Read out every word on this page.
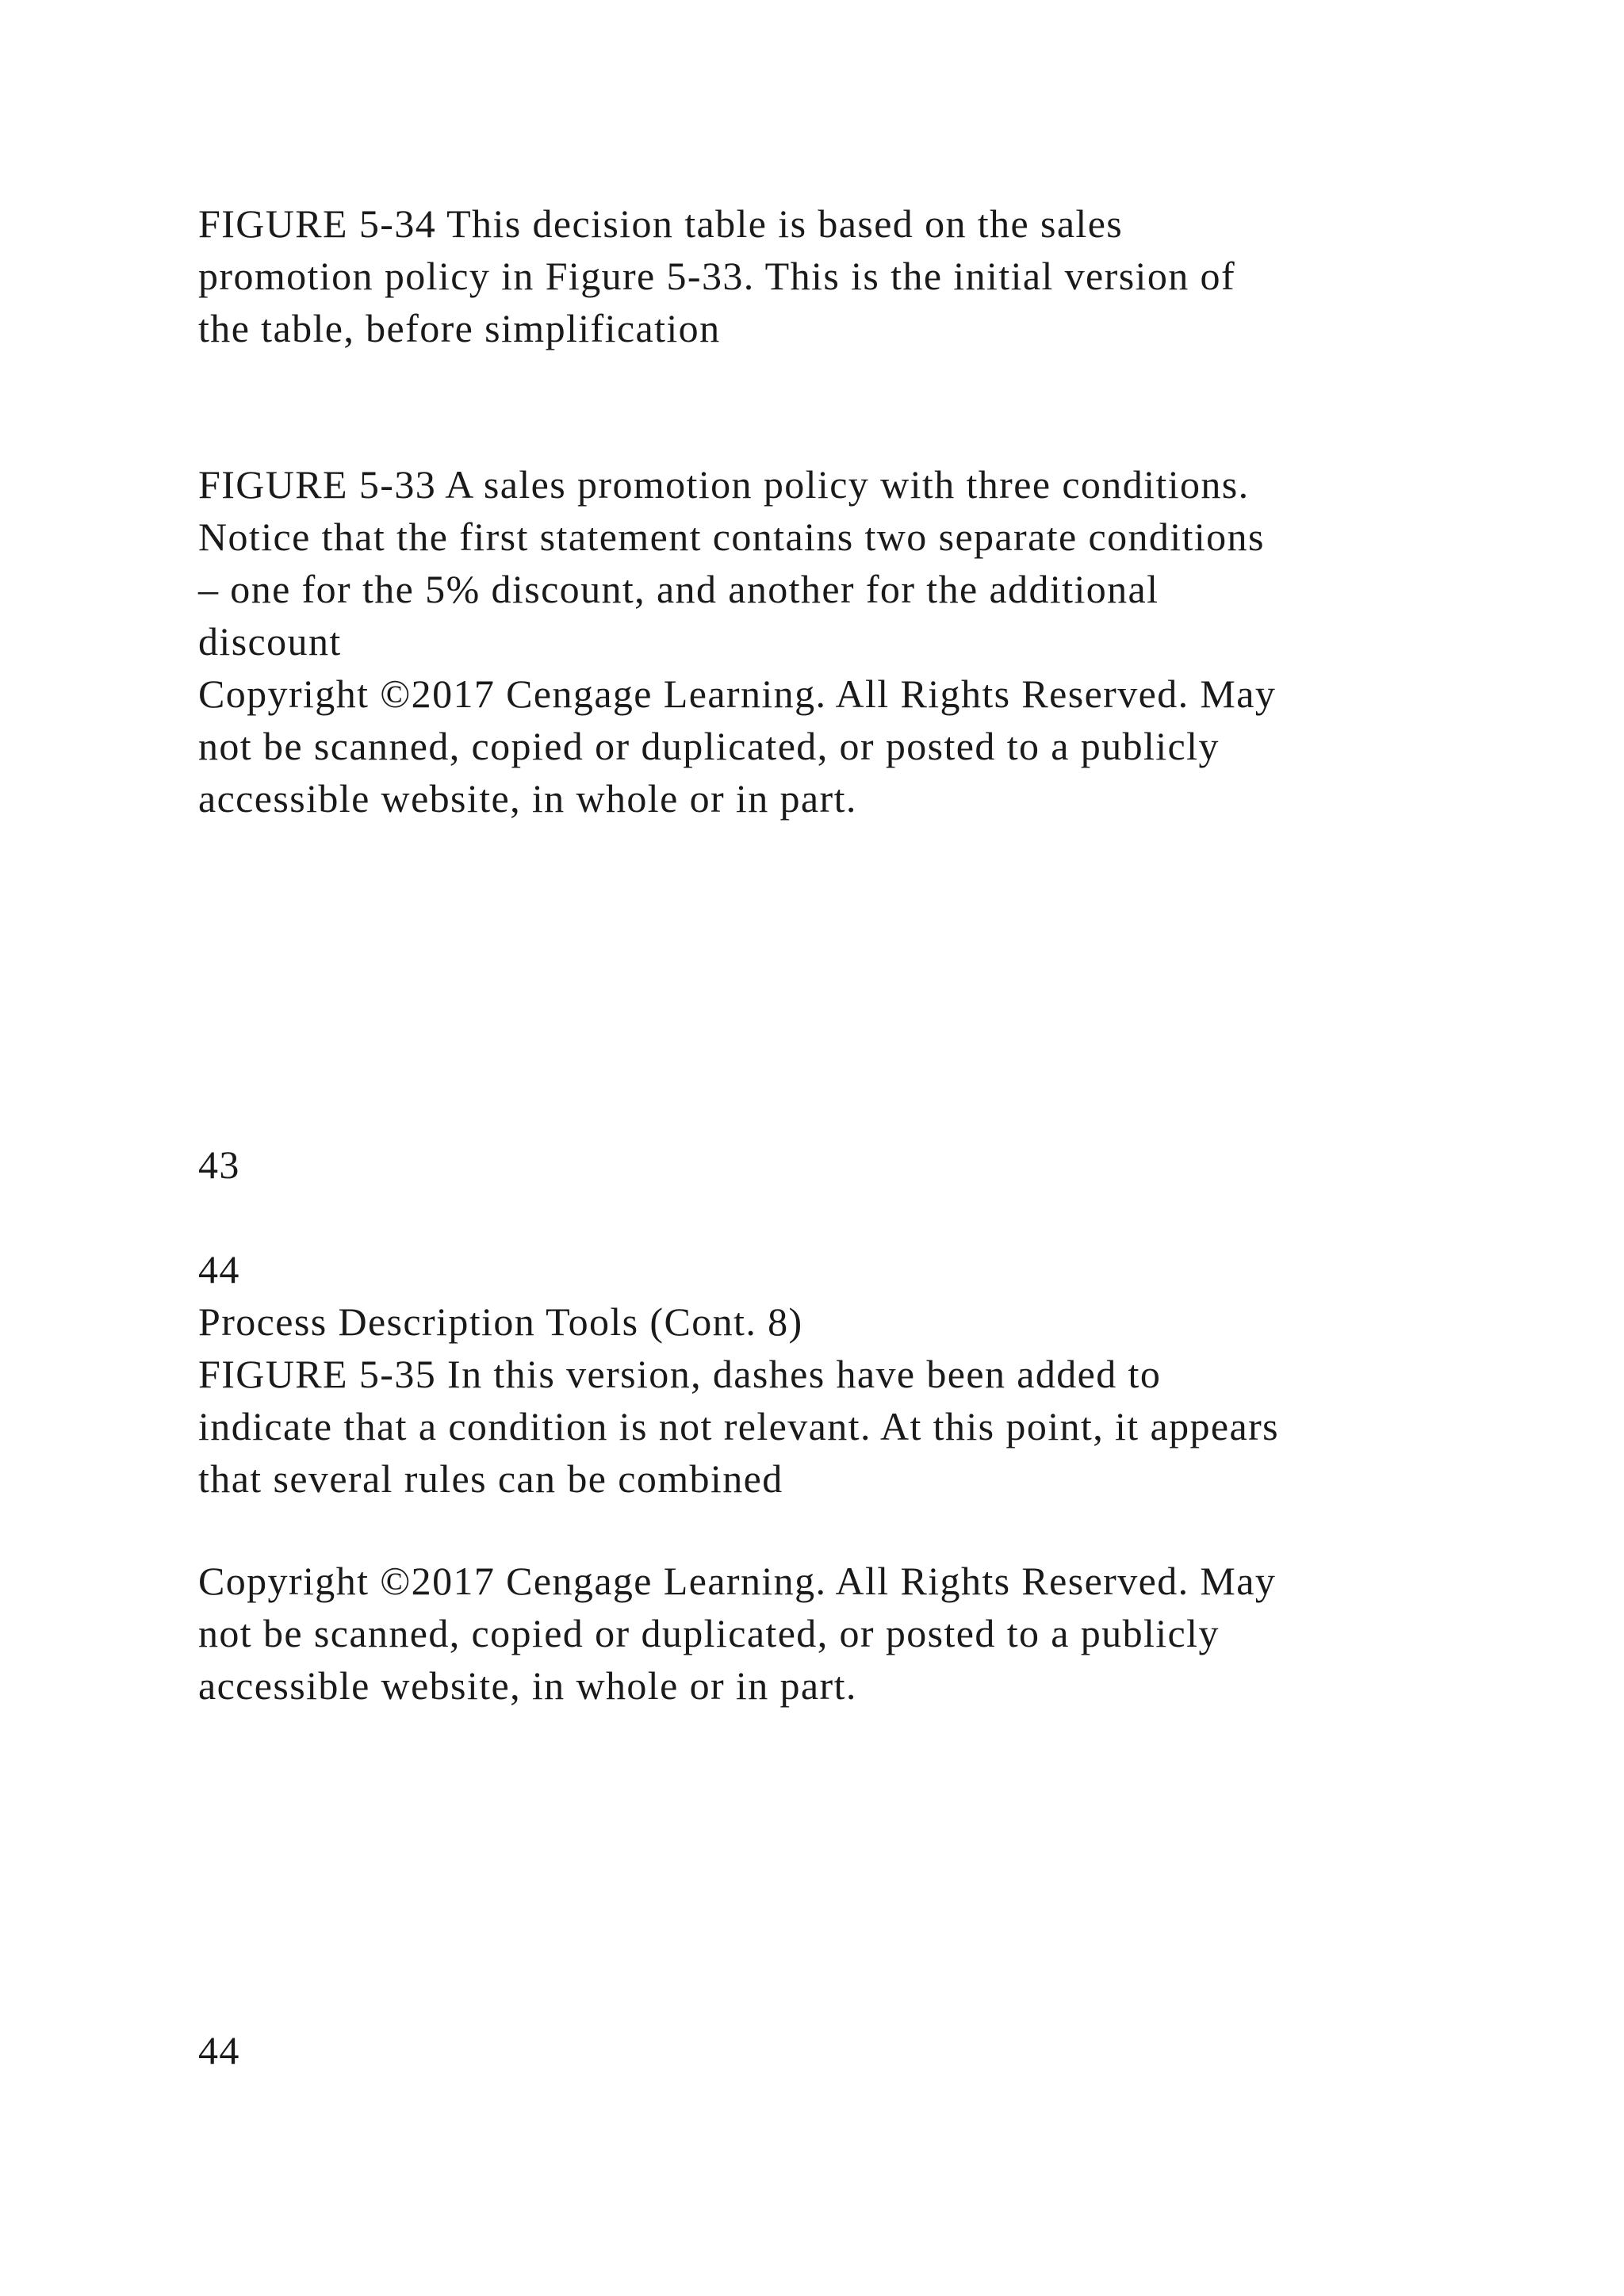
FIGURE 5-34 This decision table is based on the sales
promotion policy in Figure 5-33. This is the initial version of
the table, before simplification
FIGURE 5-33 A sales promotion policy with three conditions.
Notice that the first statement contains two separate conditions
– one for the 5% discount, and another for the additional
discount
Copyright ©2017 Cengage Learning. All Rights Reserved. May
not be scanned, copied or duplicated, or posted to a publicly
accessible website, in whole or in part.
43
44
Process Description Tools (Cont. 8)
FIGURE 5-35 In this version, dashes have been added to
indicate that a condition is not relevant. At this point, it appears
that several rules can be combined
Copyright ©2017 Cengage Learning. All Rights Reserved. May
not be scanned, copied or duplicated, or posted to a publicly
accessible website, in whole or in part.
44
